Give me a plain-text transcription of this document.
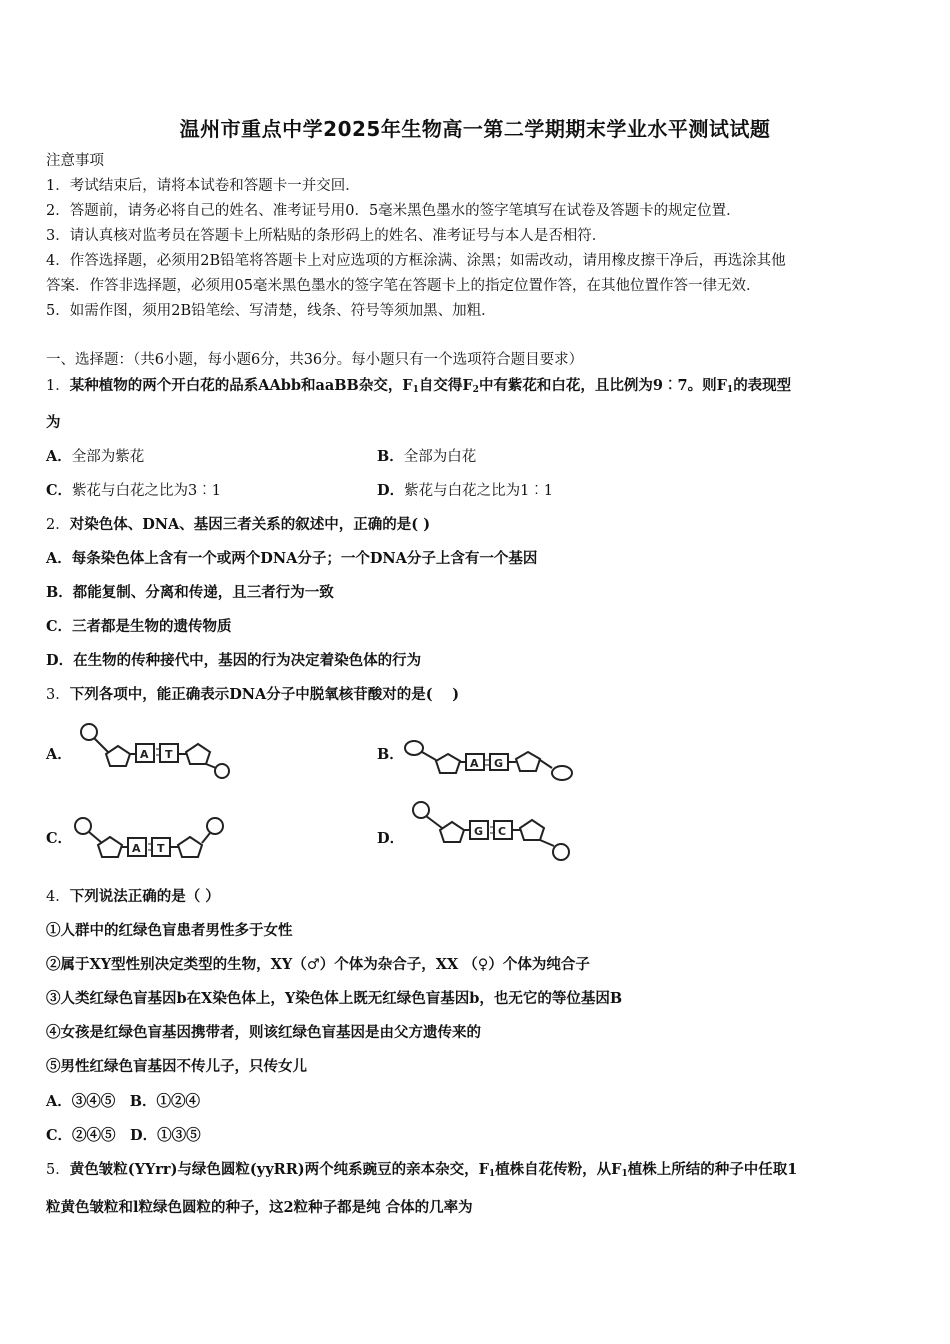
温州市重点中学2025年生物高一第二学期期末学业水平测试试题
注意事项
1．考试结束后，请将本试卷和答题卡一并交回．
2．答题前，请务必将自己的姓名、准考证号用0．5毫米黑色墨水的签字笔填写在试卷及答题卡的规定位置．
3．请认真核对监考员在答题卡上所粘贴的条形码上的姓名、准考证号与本人是否相符．
4．作答选择题，必须用2B铅笔将答题卡上对应选项的方框涂满、涂黑；如需改动，请用橡皮擦干净后，再选涂其他
答案．作答非选择题，必须用05毫米黑色墨水的签字笔在答题卡上的指定位置作答，在其他位置作答一律无效．
5．如需作图，须用2B铅笔绘、写清楚，线条、符号等须加黑、加粗．
一、选择题：（共6小题，每小题6分，共36分。每小题只有一个选项符合题目要求）
1．某种植物的两个开白花的品系AAbb和aaBB杂交，$F_1$自交得$F_2$中有紫花和白花，且比例为9︰7。则$F_1$的表现型
为
A．全部为紫花	B．全部为白花
C．紫花与白花之比为3︰1	D．紫花与白花之比为1︰1
2．对染色体、DNA、基因三者关系的叙述中，正确的是( )
A．每条染色体上含有一个或两个DNA分子；一个DNA分子上含有一个基因
B．都能复制、分离和传递，且三者行为一致
C．三者都是生物的遗传物质
D．在生物的传种接代中，基因的行为决定着染色体的行为
3．下列各项中，能正确表示DNA分子中脱氧核苷酸对的是(　 )
A．	A T	B．
A G
C．
A T
D．	G C
4．下列说法正确的是（ ）
①人群中的红绿色盲患者男性多于女性
②属于XY型性别决定类型的生物，XY（♂）个体为杂合子，XX （♀）个体为纯合子
③人类红绿色盲基因b在X染色体上，Y染色体上既无红绿色盲基因b，也无它的等位基因B
④女孩是红绿色盲基因携带者，则该红绿色盲基因是由父方遗传来的
⑤男性红绿色盲基因不传儿子，只传女儿
A．③④⑤　B．①②④
C．②④⑤　D．①③⑤
5．黄色皱粒(YYrr)与绿色圆粒(yyRR)两个纯系豌豆的亲本杂交，$F_1$植株自花传粉，从$F_1$植株上所结的种子中任取1
粒黄色皱粒和l粒绿色圆粒的种子，这2粒种子都是纯 合体的几率为
